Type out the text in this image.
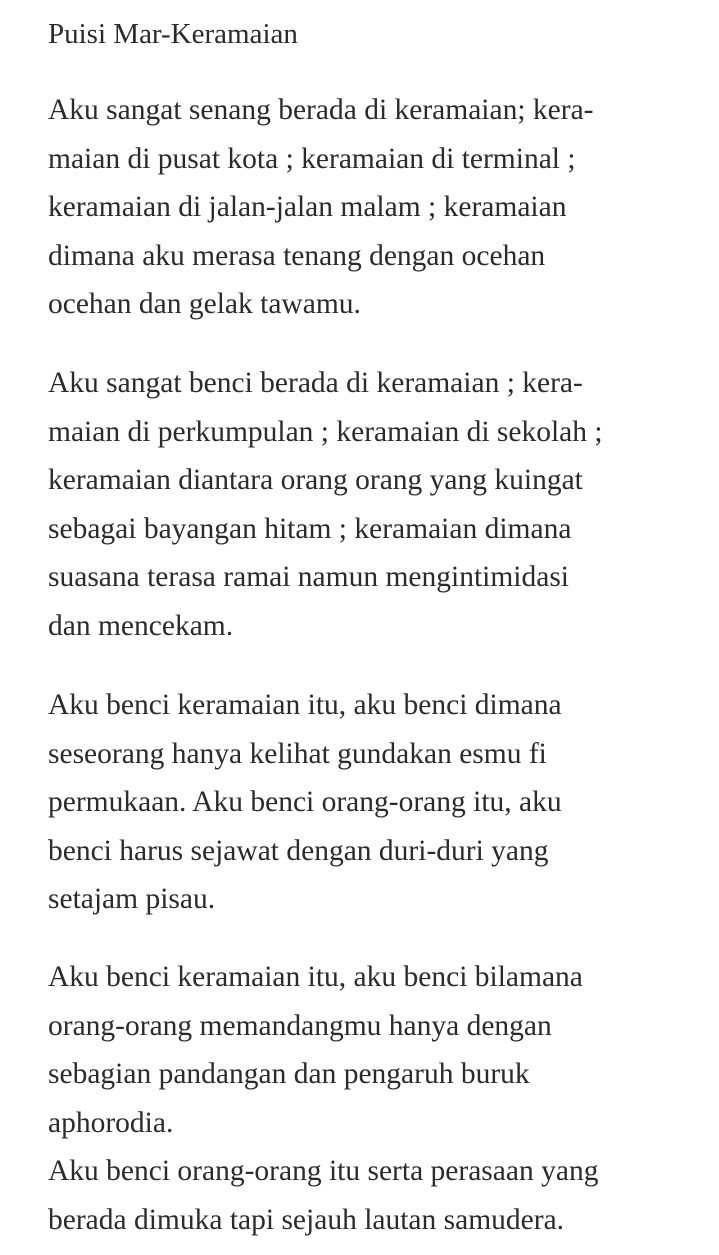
Puisi Mar-Keramaian
Aku sangat senang berada di keramaian; kera-
maian di pusat kota ; keramaian di terminal ;
keramaian di jalan-jalan malam ; keramaian
dimana aku merasa tenang dengan ocehan
ocehan dan gelak tawamu.
Aku sangat benci berada di keramaian ; kera-
maian di perkumpulan ; keramaian di sekolah ;
keramaian diantara orang orang yang kuingat
sebagai bayangan hitam ; keramaian dimana
suasana terasa ramai namun mengintimidasi
dan mencekam.
Aku benci keramaian itu, aku benci dimana
seseorang hanya kelihat gundakan esmu fi
permukaan. Aku benci orang-orang itu, aku
benci harus sejawat dengan duri-duri yang
setajam pisau.
Aku benci keramaian itu, aku benci bilamana
orang-orang memandangmu hanya dengan
sebagian pandangan dan pengaruh buruk
aphorodia.
Aku benci orang-orang itu serta perasaan yang
berada dimuka tapi sejauh lautan samudera.
